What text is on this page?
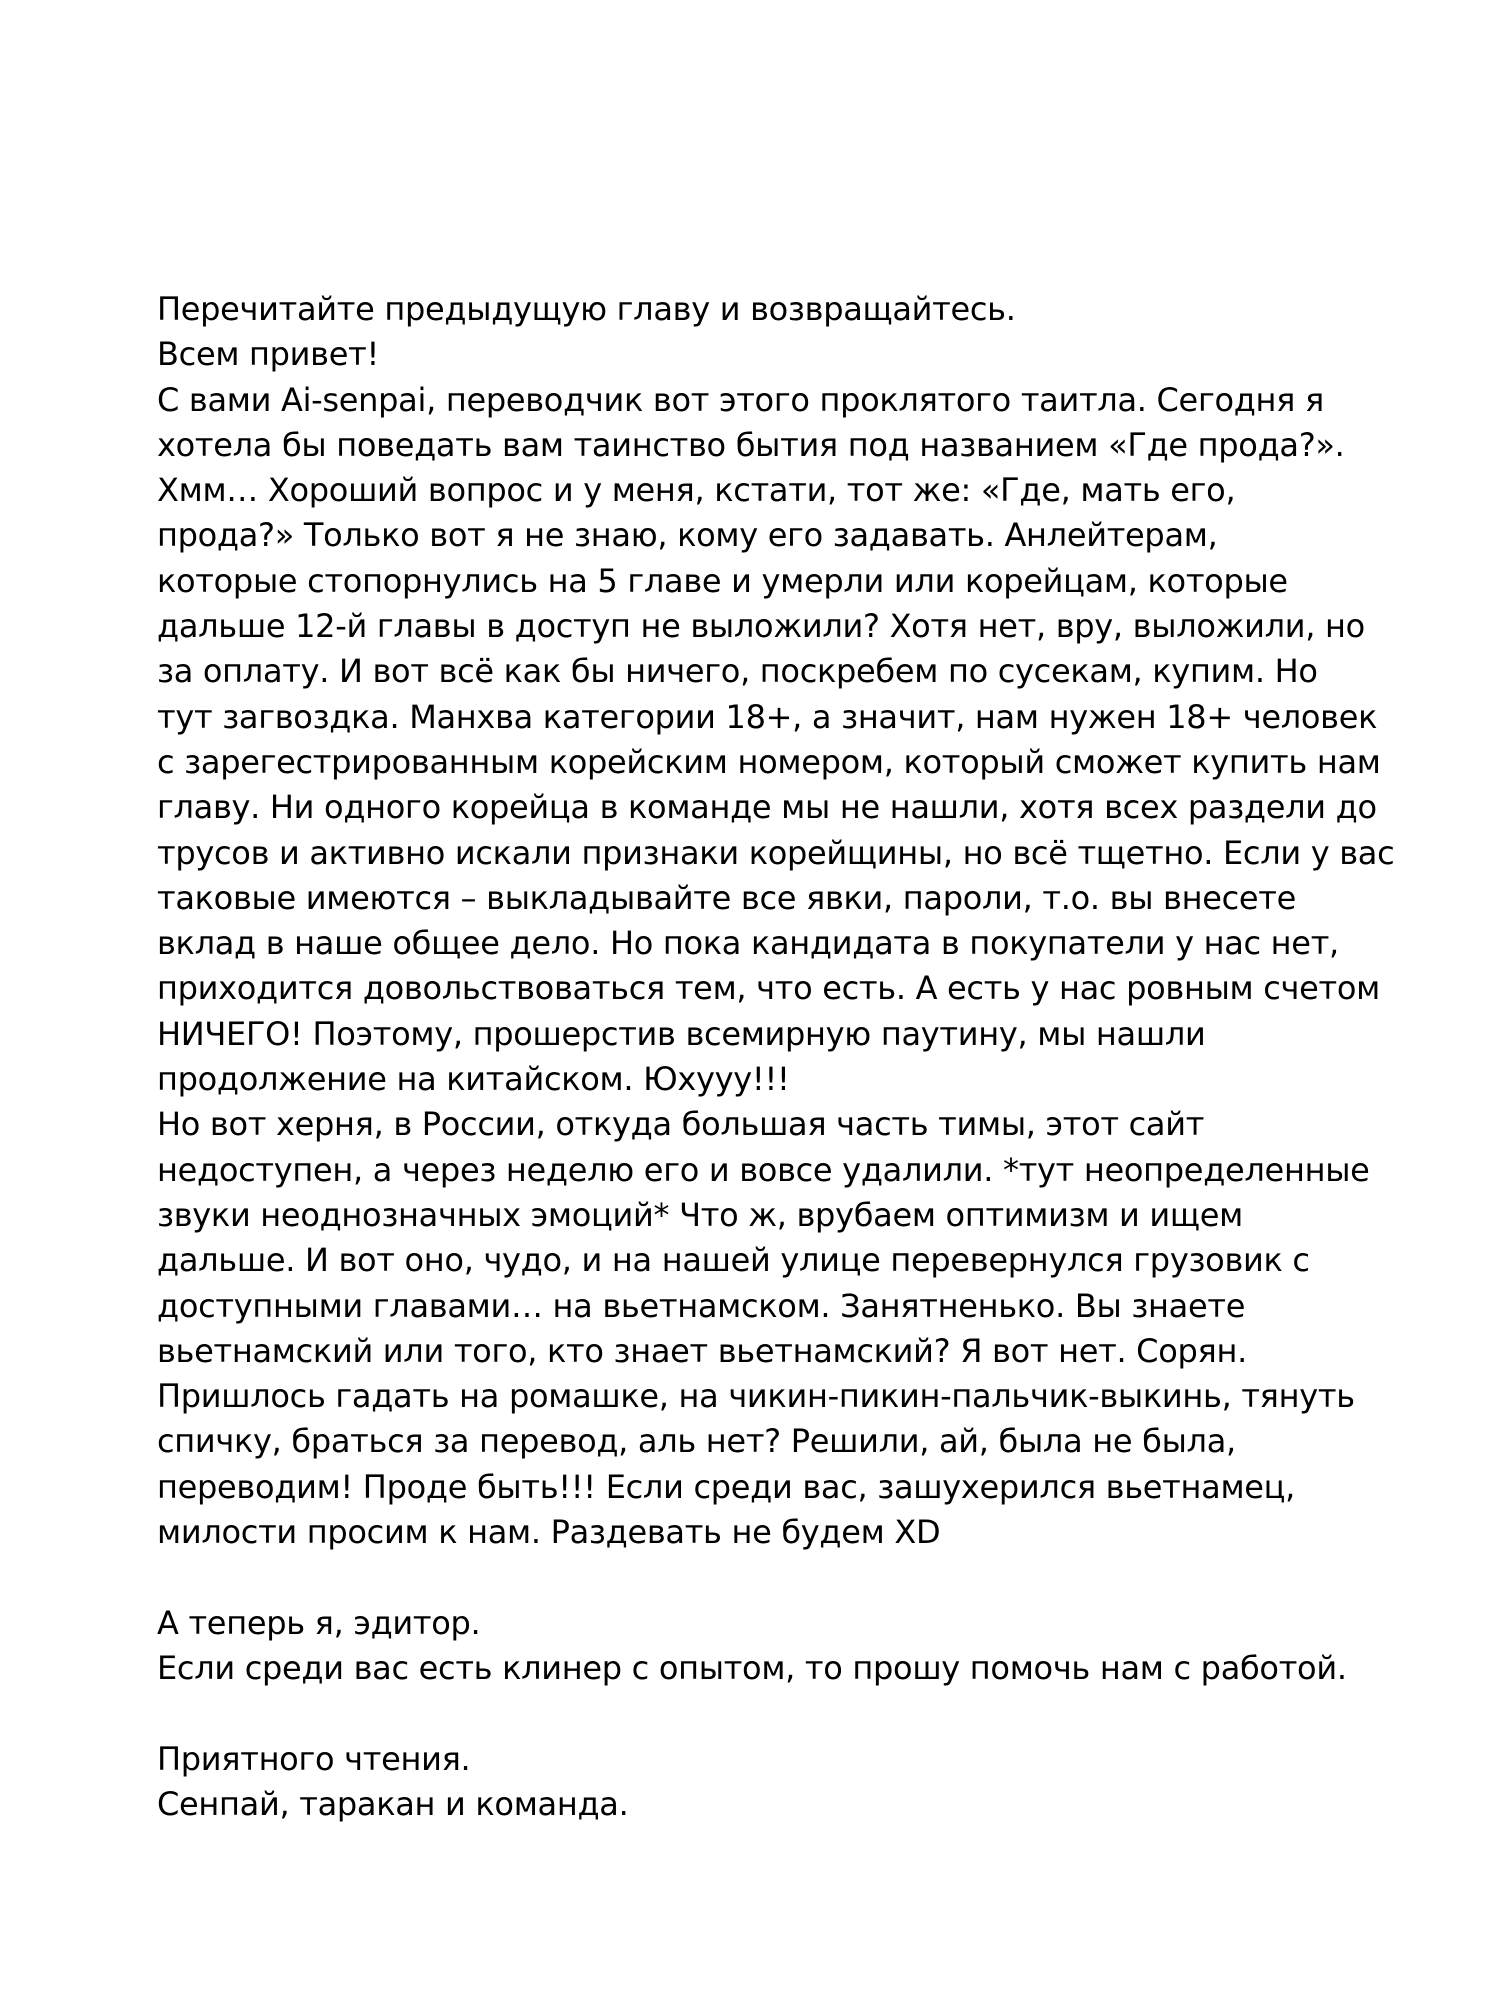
Перечитайте предыдущую главу и возвращайтесь.
Всем привет!
С вами Ai-senpai, переводчик вот этого проклятого таитла. Сегодня я
хотела бы поведать вам таинство бытия под названием «Где прода?».
Хмм… Хороший вопрос и у меня, кстати, тот же: «Где, мать его,
прода?» Только вот я не знаю, кому его задавать. Анлейтерам,
которые стопорнулись на 5 главе и умерли или корейцам, которые
дальше 12-й главы в доступ не выложили? Хотя нет, вру, выложили, но
за оплату. И вот всё как бы ничего, поскребем по сусекам, купим. Но
тут загвоздка. Манхва категории 18+, а значит, нам нужен 18+ человек
с зарегестрированным корейским номером, который сможет купить нам
главу. Ни одного корейца в команде мы не нашли, хотя всех раздели до
трусов и активно искали признаки корейщины, но всё тщетно. Если у вас
таковые имеются – выкладывайте все явки, пароли, т.о. вы внесете
вклад в наше общее дело. Но пока кандидата в покупатели у нас нет,
приходится довольствоваться тем, что есть. А есть у нас ровным счетом
НИЧЕГО! Поэтому, прошерстив всемирную паутину, мы нашли
продолжение на китайском. Юхууу!!!
Но вот херня, в России, откуда большая часть тимы, этот сайт
недоступен, а через неделю его и вовсе удалили. *тут неопределенные
звуки неоднозначных эмоций* Что ж, врубаем оптимизм и ищем
дальше. И вот оно, чудо, и на нашей улице перевернулся грузовик с
доступными главами… на вьетнамском. Занятненько. Вы знаете
вьетнамский или того, кто знает вьетнамский? Я вот нет. Сорян.
Пришлось гадать на ромашке, на чикин-пикин-пальчик-выкинь, тянуть
спичку, браться за перевод, аль нет? Решили, ай, была не была,
переводим! Проде быть!!! Если среди вас, зашухерился вьетнамец,
милости просим к нам. Раздевать не будем XD
А теперь я, эдитор.
Если среди вас есть клинер с опытом, то прошу помочь нам с работой.
Приятного чтения.
Сенпай, таракан и команда.
